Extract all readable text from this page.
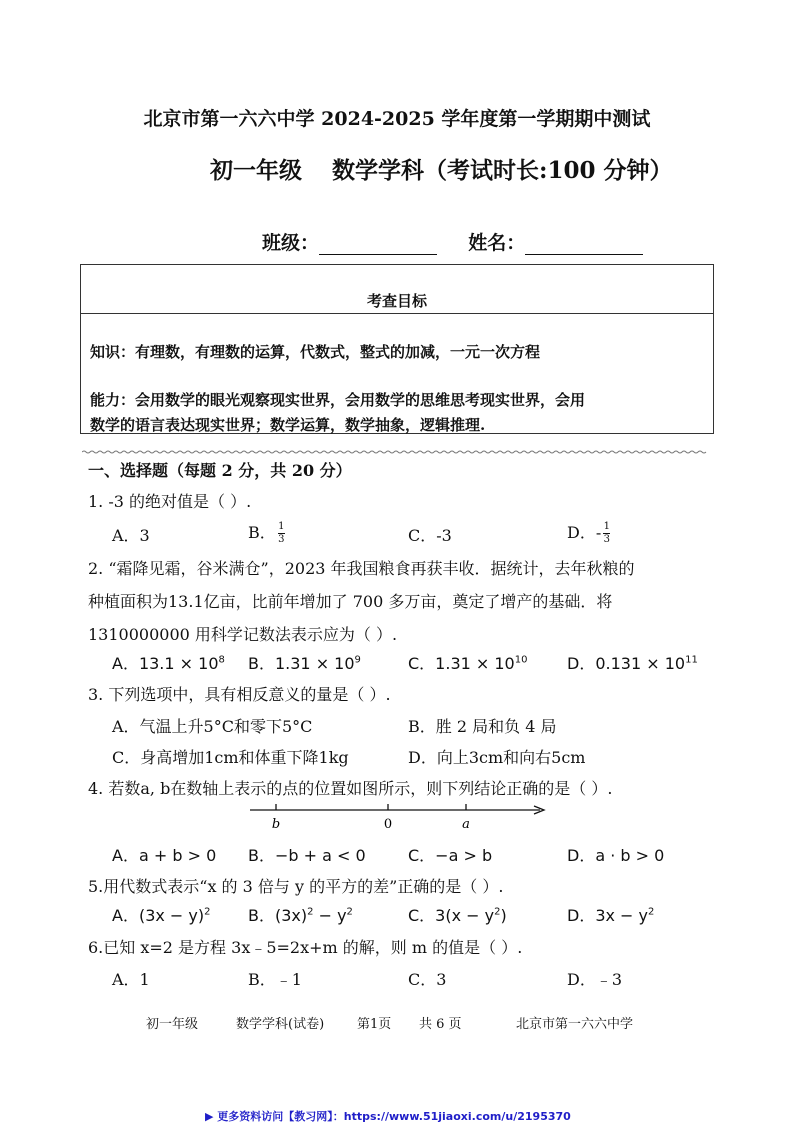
北京市第一六六中学 2024-2025 学年度第一学期期中测试
初一年级 数学学科（考试时长:100 分钟）
班级：	姓名：
考查目标
知识：有理数，有理数的运算，代数式，整式的加减，一元一次方程
能力：会用数学的眼光观察现实世界，会用数学的思维思考现实世界，会用
数学的语言表达现实世界；数学运算，数学抽象，逻辑推理.
一、选择题（每题 2 分，共 20 分）
1. -3 的绝对值是（ ）.
A．3	B． $\frac{1}{3}$	C．-3	D．- $\frac{1}{3}$
2. “霜降见霜，谷米满仓”，2023 年我国粮食再获丰收．据统计，去年秋粮的
种植面积为13.1亿亩，比前年增加了 700 多万亩，奠定了增产的基础．将
1310000000 用科学记数法表示应为（ ）.
A．$13.1 \times 10^8$ B．$1.31 \times 10^9$	C．$1.31 \times 10^{10}$ D．$0.131 \times 10^{11}$
3. 下列选项中，具有相反意义的量是（ ）.
A．气温上升5°C和零下5°C	B．胜 2 局和负 4 局
C．身高增加1cm和体重下降1kg	D．向上3cm和向右5cm
4. 若数a, b在数轴上表示的点的位置如图所示，则下列结论正确的是（ ）.
b	0	a
A．a + b > 0 B．−b + a < 0	C．−a > b	D．a · b > 0
5.用代数式表示“x 的 3 倍与 y 的平方的差”正确的是（ ）.
A．$(3x - y)^2$ B．$(3x)^2 - y^2$	C．$3(x - y^2)$	D．$3x - y^2$
6.已知 x=2 是方程 3x﹣5=2x+m 的解，则 m 的值是（ ）.
A．1	B．﹣1	C．3	D．﹣3
初一年级	数学学科(试卷)	第1页 共 6 页	北京市第一六六中学
▶ 更多资料访问【教习网】：https://www.51jiaoxi.com/u/2195370
